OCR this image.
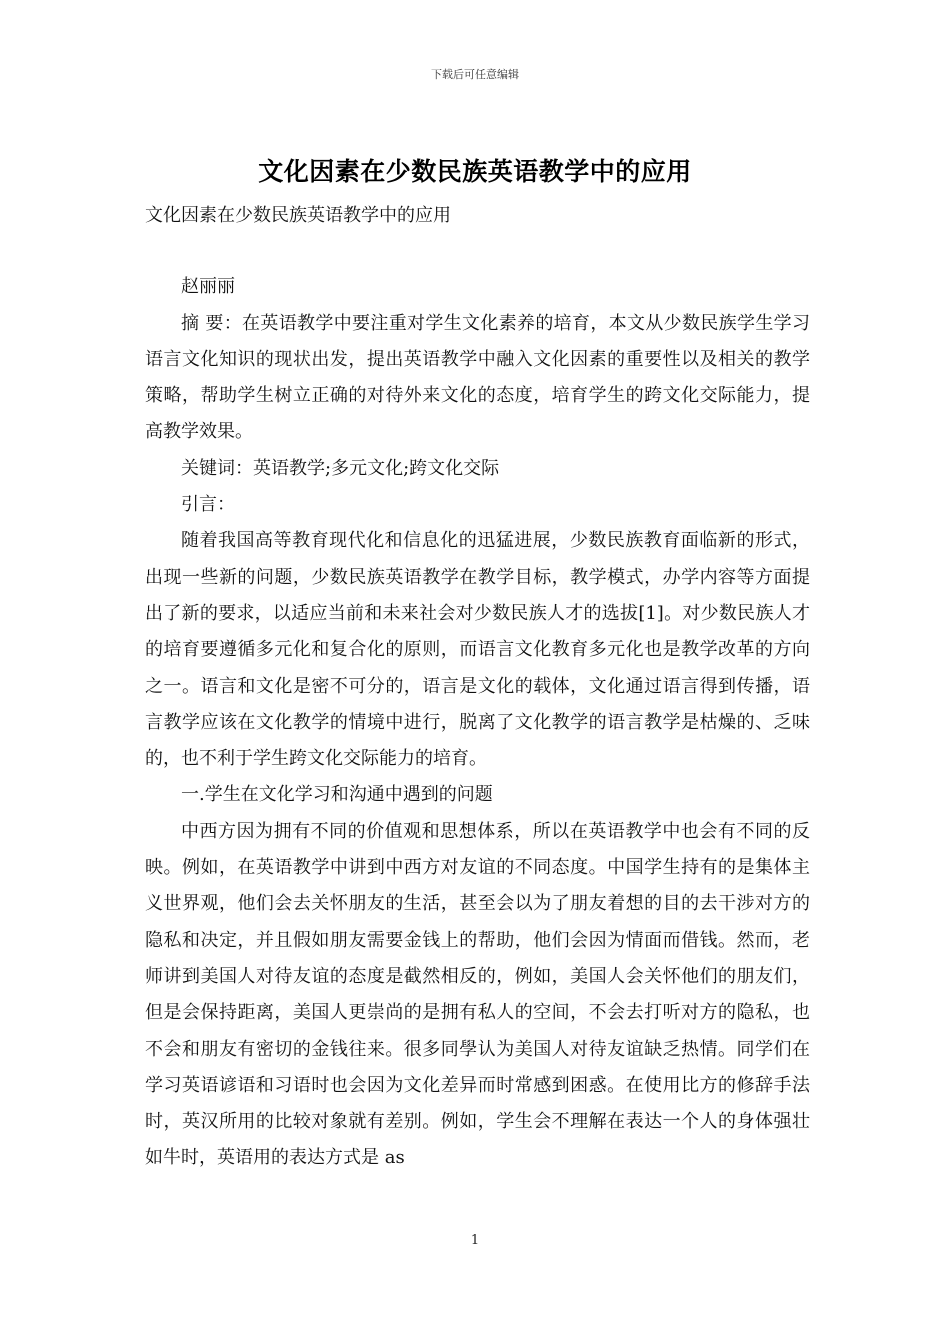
下载后可任意编辑
文化因素在少数民族英语教学中的应用

文化因素在少数民族英语教学中的应用

赵丽丽

摘 要：在英语教学中要注重对学生文化素养的培育，本文从少数民族学生学习语言文化知识的现状出发，提出英语教学中融入文化因素的重要性以及相关的教学策略，帮助学生树立正确的对待外来文化的态度，培育学生的跨文化交际能力，提高教学效果。

关键词：英语教学;多元文化;跨文化交际

引言：

随着我国高等教育现代化和信息化的迅猛进展，少数民族教育面临新的形式，出现一些新的问题，少数民族英语教学在教学目标，教学模式，办学内容等方面提出了新的要求，以适应当前和未来社会对少数民族人才的选拔[1]。对少数民族人才的培育要遵循多元化和复合化的原则，而语言文化教育多元化也是教学改革的方向之一。语言和文化是密不可分的，语言是文化的载体，文化通过语言得到传播，语言教学应该在文化教学的情境中进行，脱离了文化教学的语言教学是枯燥的、乏味的，也不利于学生跨文化交际能力的培育。

一.学生在文化学习和沟通中遇到的问题

中西方因为拥有不同的价值观和思想体系，所以在英语教学中也会有不同的反映。例如，在英语教学中讲到中西方对友谊的不同态度。中国学生持有的是集体主义世界观，他们会去关怀朋友的生活，甚至会以为了朋友着想的目的去干涉对方的隐私和决定，并且假如朋友需要金钱上的帮助，他们会因为情面而借钱。然而，老师讲到美国人对待友谊的态度是截然相反的，例如，美国人会关怀他们的朋友们，但是会保持距离，美国人更崇尚的是拥有私人的空间，不会去打听对方的隐私，也不会和朋友有密切的金钱往来。很多同學认为美国人对待友谊缺乏热情。同学们在学习英语谚语和习语时也会因为文化差异而时常感到困惑。在使用比方的修辞手法时，英汉所用的比较对象就有差别。例如，学生会不理解在表达一个人的身体强壮如牛时，英语用的表达方式是 as

1
